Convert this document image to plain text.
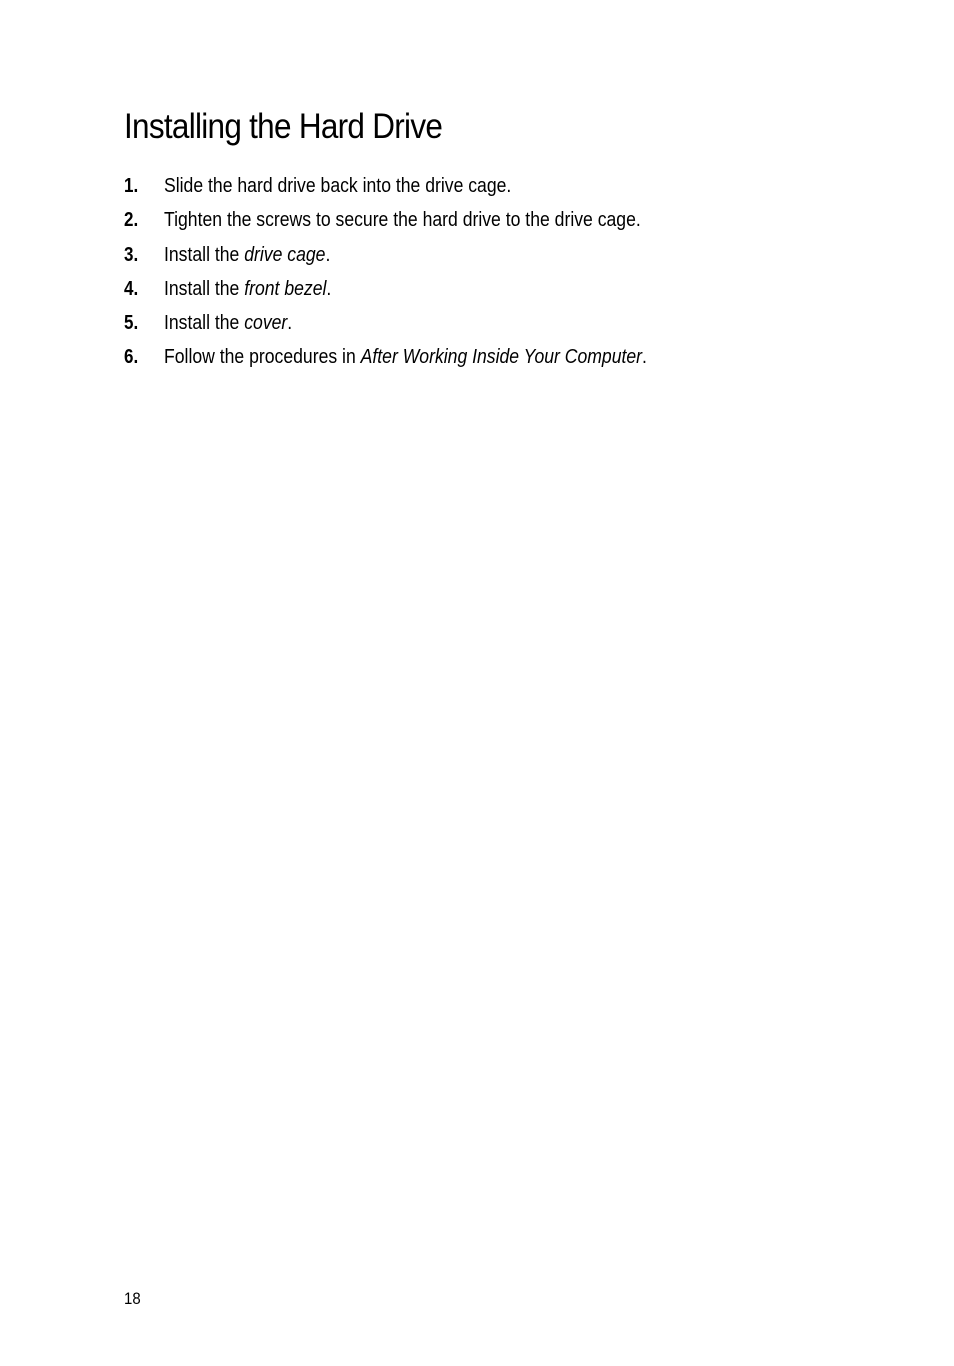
Installing the Hard Drive
1. Slide the hard drive back into the drive cage.
2. Tighten the screws to secure the hard drive to the drive cage.
3. Install the drive cage.
4. Install the front bezel.
5. Install the cover.
6. Follow the procedures in After Working Inside Your Computer.
18
